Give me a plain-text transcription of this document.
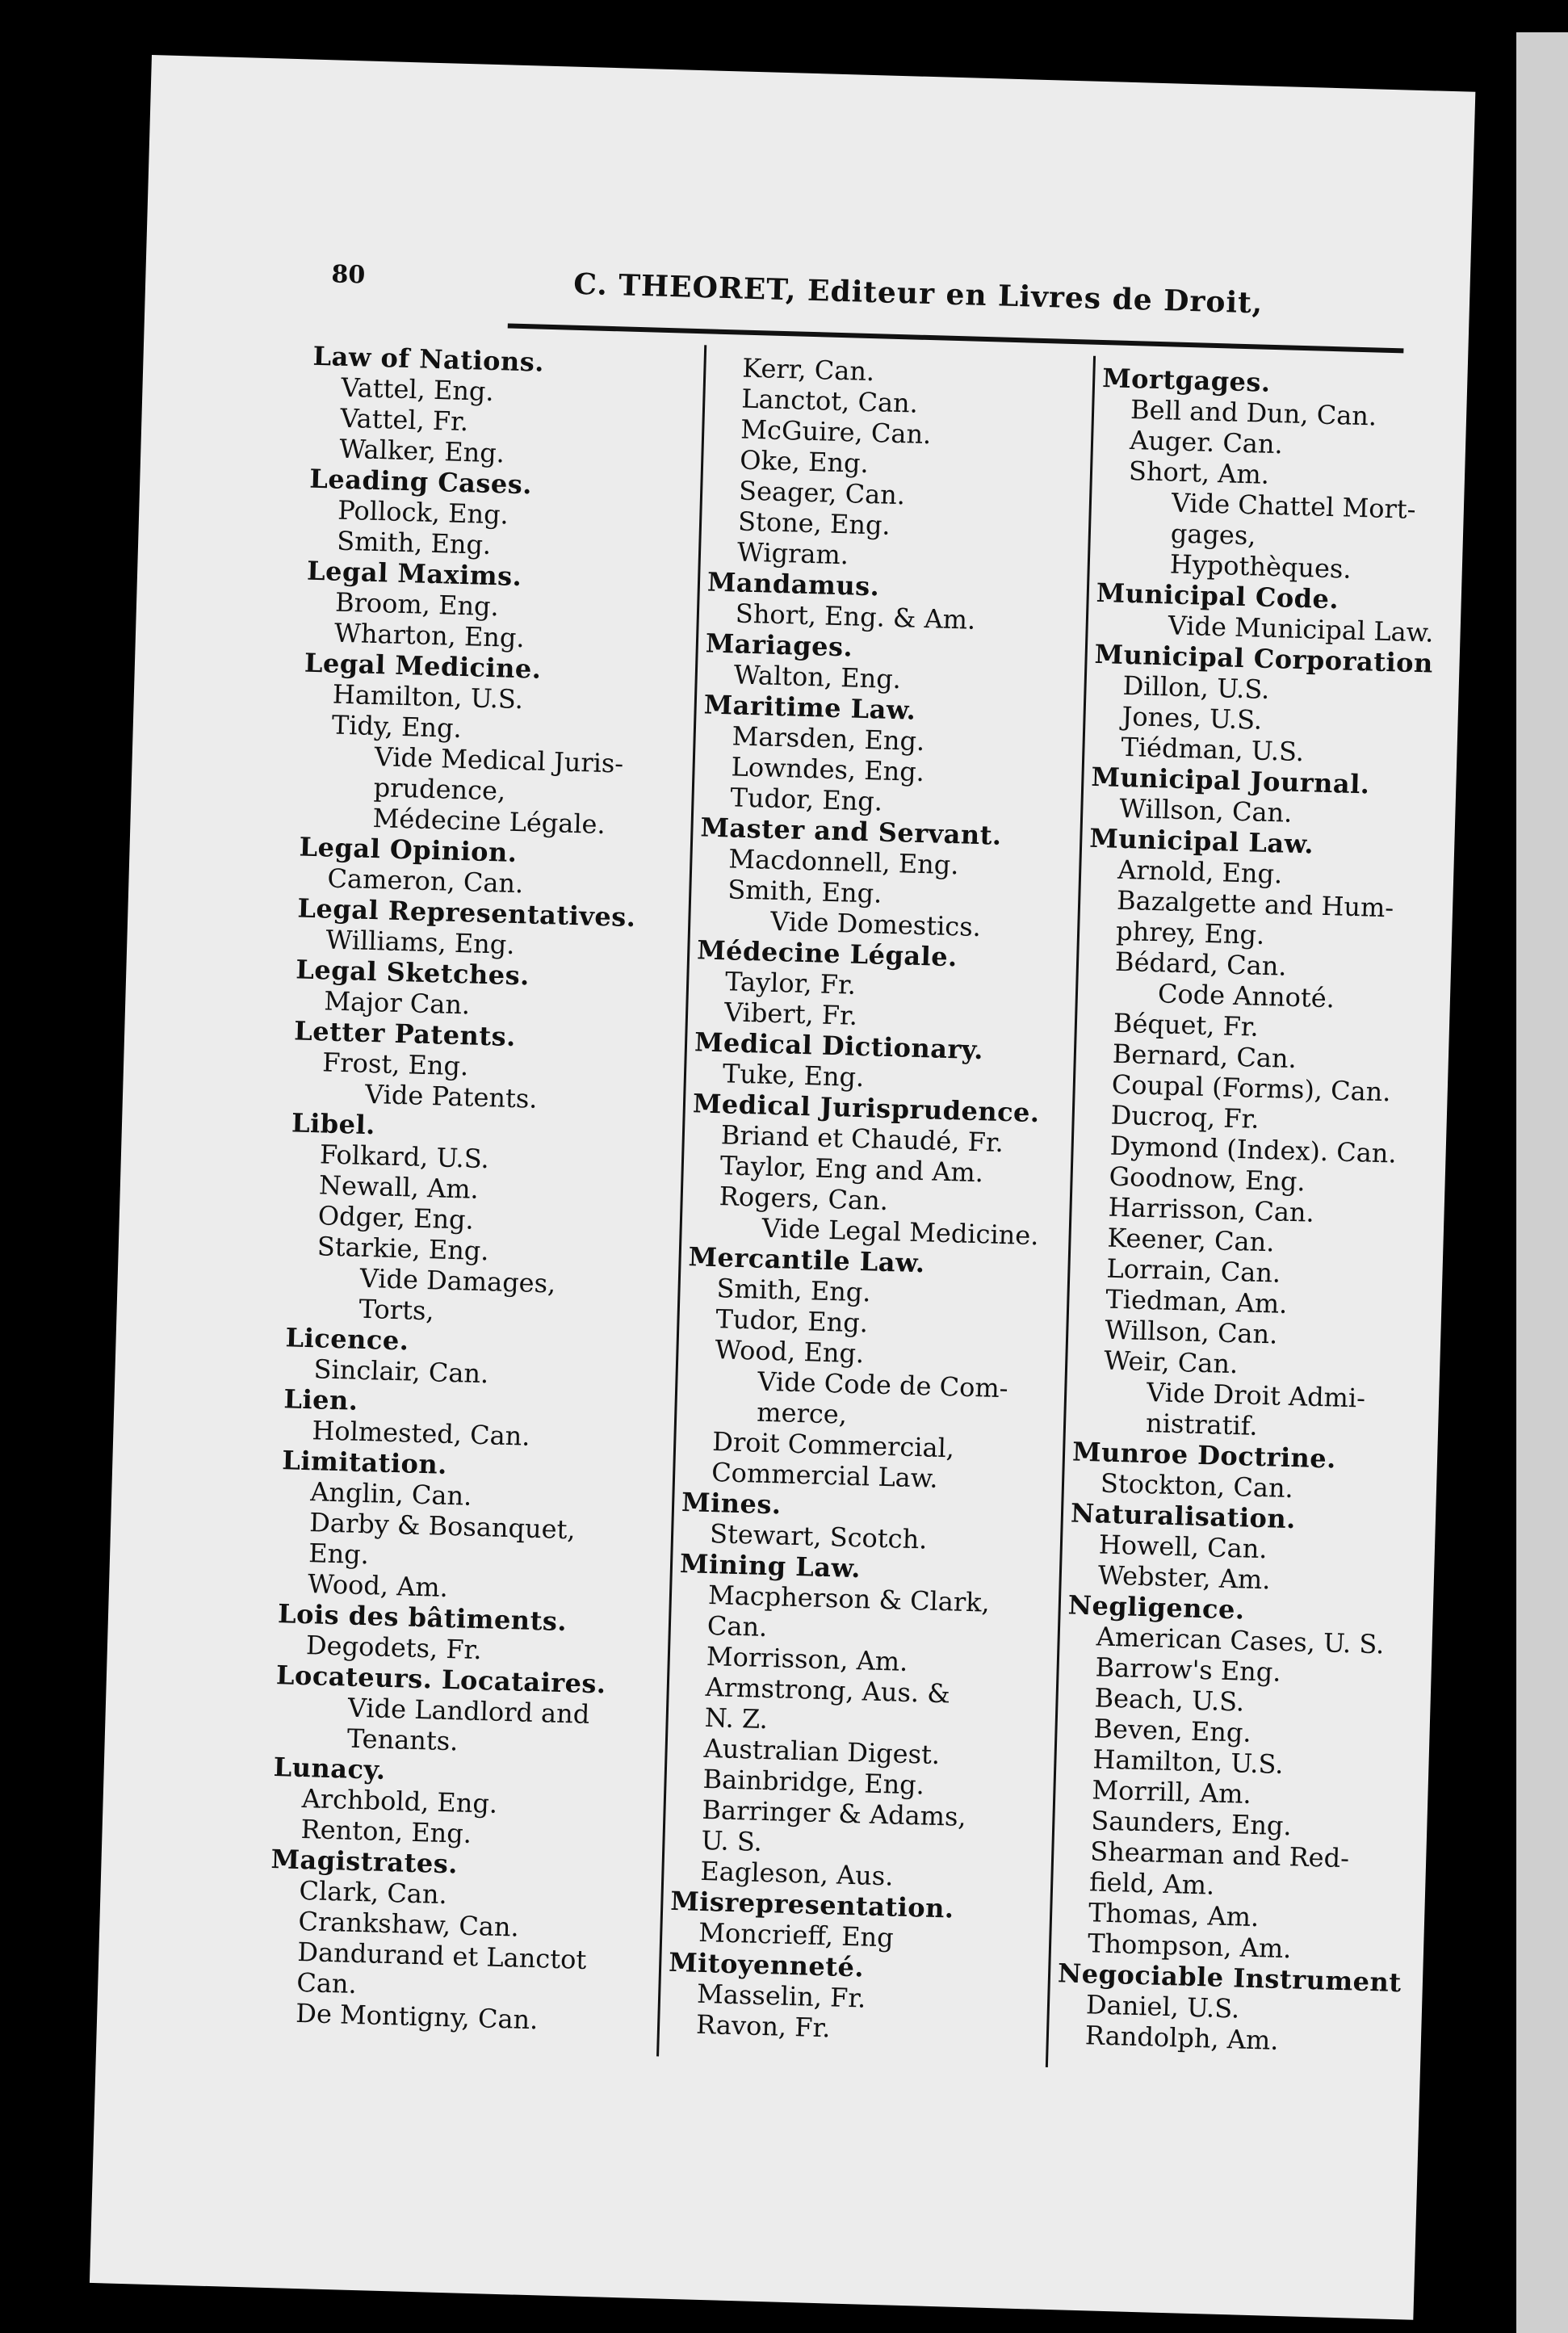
80	C. THEORET, Editeur en Livres de Droit,
Law of Nations.
Vattel, Eng.
Vattel, Fr.
Walker, Eng.
Leading Cases.
Pollock, Eng.
Smith, Eng.
Legal Maxims.
Broom, Eng.
Wharton, Eng.
Legal Medicine.
Hamilton, U.S.
Tidy, Eng.
Vide Medical Juris-
prudence,
Médecine Légale.
Legal Opinion.
Cameron, Can.
Legal Representatives.
Williams, Eng.
Legal Sketches.
Major Can.
Letter Patents.
Frost, Eng.
Vide Patents.
Libel.
Folkard, U.S.
Newall, Am.
Odger, Eng.
Starkie, Eng.
Vide Damages,
Torts,
Licence.
Sinclair, Can.
Lien.
Holmested, Can.
Limitation.
Anglin, Can.
Darby & Bosanquet,
Eng.
Wood, Am.
Lois des bâtiments.
Degodets, Fr.
Locateurs. Locataires.
Vide Landlord and
Tenants.
Lunacy.
Archbold, Eng.
Renton, Eng.
Magistrates.
Clark, Can.
Crankshaw, Can.
Dandurand et Lanctot
Can.
De Montigny, Can.
Kerr, Can.
Lanctot, Can.
McGuire, Can.
Oke, Eng.
Seager, Can.
Stone, Eng.
Wigram.
Mandamus.
Short, Eng. & Am.
Mariages.
Walton, Eng.
Maritime Law.
Marsden, Eng.
Lowndes, Eng.
Tudor, Eng.
Master and Servant.
Macdonnell, Eng.
Smith, Eng.
Vide Domestics.
Médecine Légale.
Taylor, Fr.
Vibert, Fr.
Medical Dictionary.
Tuke, Eng.
Medical Jurisprudence.
Briand et Chaudé, Fr.
Taylor, Eng and Am.
Rogers, Can.
Vide Legal Medicine.
Mercantile Law.
Smith, Eng.
Tudor, Eng.
Wood, Eng.
Vide Code de Com-
merce,
Droit Commercial,
Commercial Law.
Mines.
Stewart, Scotch.
Mining Law.
Macpherson & Clark,
Can.
Morrisson, Am.
Armstrong, Aus. &
N. Z.
Australian Digest.
Bainbridge, Eng.
Barringer & Adams,
U. S.
Eagleson, Aus.
Misrepresentation.
Moncrieff, Eng
Mitoyenneté.
Masselin, Fr.
Ravon, Fr.
Mortgages.
Bell and Dun, Can.
Auger. Can.
Short, Am.
Vide Chattel Mort-
gages,
Hypothèques.
Municipal Code.
Vide Municipal Law.
Municipal Corporation
Dillon, U.S.
Jones, U.S.
Tiédman, U.S.
Municipal Journal.
Willson, Can.
Municipal Law.
Arnold, Eng.
Bazalgette and Hum-
phrey, Eng.
Bédard, Can.
Code Annoté.
Béquet, Fr.
Bernard, Can.
Coupal (Forms), Can.
Ducroq, Fr.
Dymond (Index). Can.
Goodnow, Eng.
Harrisson, Can.
Keener, Can.
Lorrain, Can.
Tiedman, Am.
Willson, Can.
Weir, Can.
Vide Droit Admi-
nistratif.
Munroe Doctrine.
Stockton, Can.
Naturalisation.
Howell, Can.
Webster, Am.
Negligence.
American Cases, U. S.
Barrow's Eng.
Beach, U.S.
Beven, Eng.
Hamilton, U.S.
Morrill, Am.
Saunders, Eng.
Shearman and Red-
field, Am.
Thomas, Am.
Thompson, Am.
Negociable Instrument
Daniel, U.S.
Randolph, Am.
